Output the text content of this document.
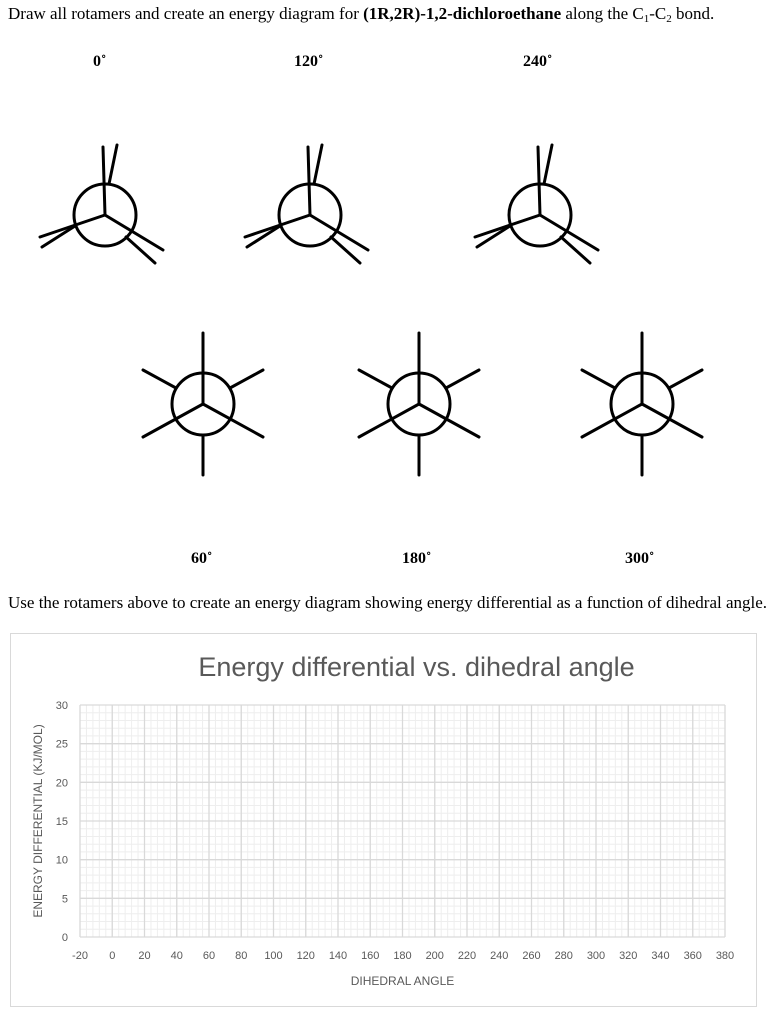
Draw all rotamers and create an energy diagram for (1R,2R)-1,2-dichloroethane along the $C_1-C_2$ bond.
0˚	120˚	240˚
60˚	180˚	300˚
Use the rotamers above to create an energy diagram showing energy differential as a function of dihedral angle.
-20 0 20 40 60 80 100 120 140 160 180 200 220 240 260 280 300 320 340 360 380
0
5
10
15
20
25
30
Energy differential vs. dihedral angle
DIHEDRAL ANGLE
ENERGY DIFFERENTIAL (KJ/MOL)
